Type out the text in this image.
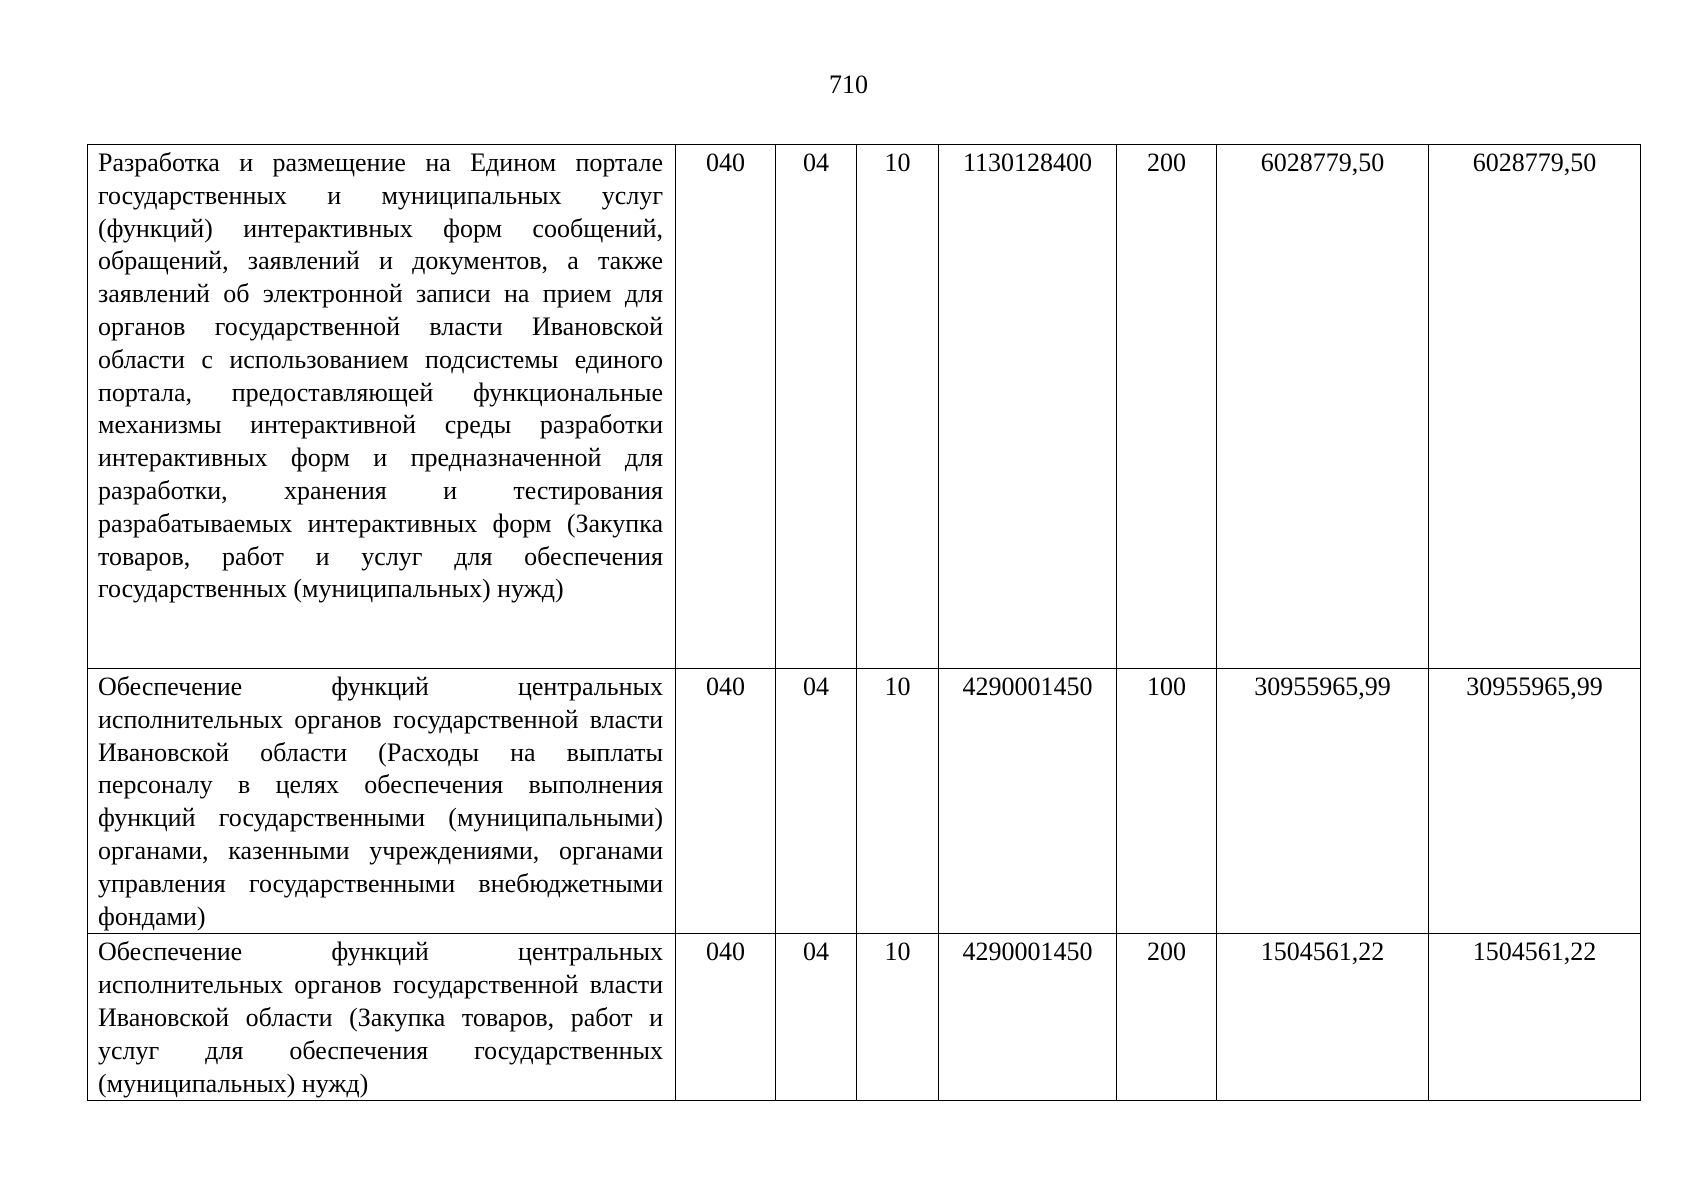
710
Разработка и размещение на Едином портале государственных и муниципальных услуг (функций) интерактивных форм сообщений, обращений, заявлений и документов, а также заявлений об электронной записи на прием для органов государственной власти Ивановской области с использованием подсистемы единого портала, предоставляющей функциональные механизмы интерактивной среды разработки интерактивных форм и предназначенной для разработки, хранения и тестирования разрабатываемых интерактивных форм (Закупка товаров, работ и услуг для обеспечения государственных (муниципальных) нужд)	040	04	10	1130128400	200	6028779,50	6028779,50
Обеспечение функций центральных исполнительных органов государственной власти Ивановской области (Расходы на выплаты персоналу в целях обеспечения выполнения функций государственными (муниципальными) органами, казенными учреждениями, органами управления государственными внебюджетными фондами)	040	04	10	4290001450	100	30955965,99	30955965,99
Обеспечение функций центральных исполнительных органов государственной власти Ивановской области (Закупка товаров, работ и услуг для обеспечения государственных (муниципальных) нужд)	040	04	10	4290001450	200	1504561,22	1504561,22
